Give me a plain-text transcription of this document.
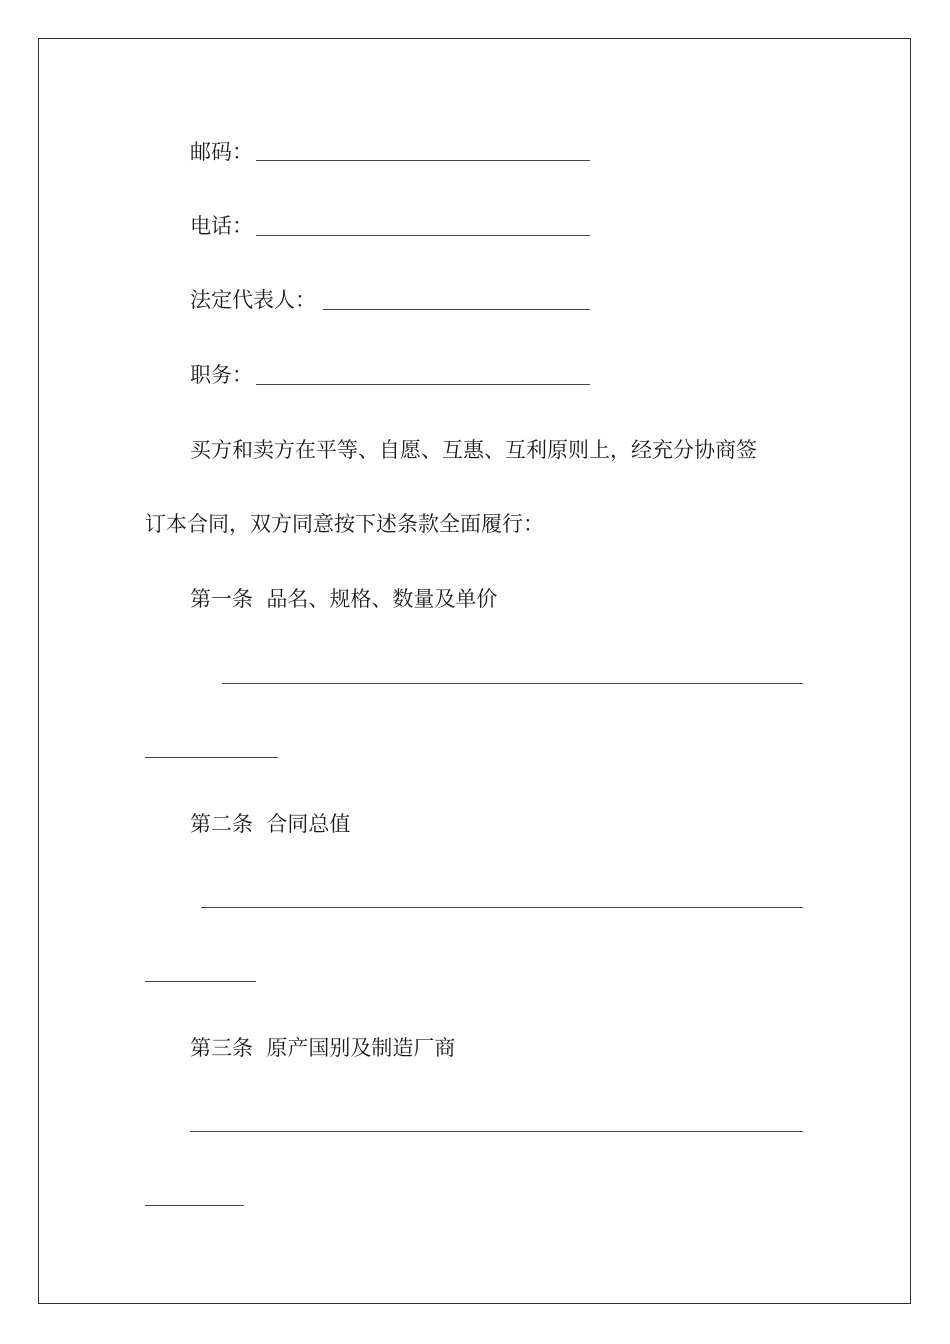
邮码：
电话：
法定代表人：
职务：
买方和卖方在平等、自愿、互惠、互利原则上，经充分协商签
订本合同，双方同意按下述条款全面履行：
第一条 品名、规格、数量及单价
第二条 合同总值
第三条 原产国别及制造厂商
